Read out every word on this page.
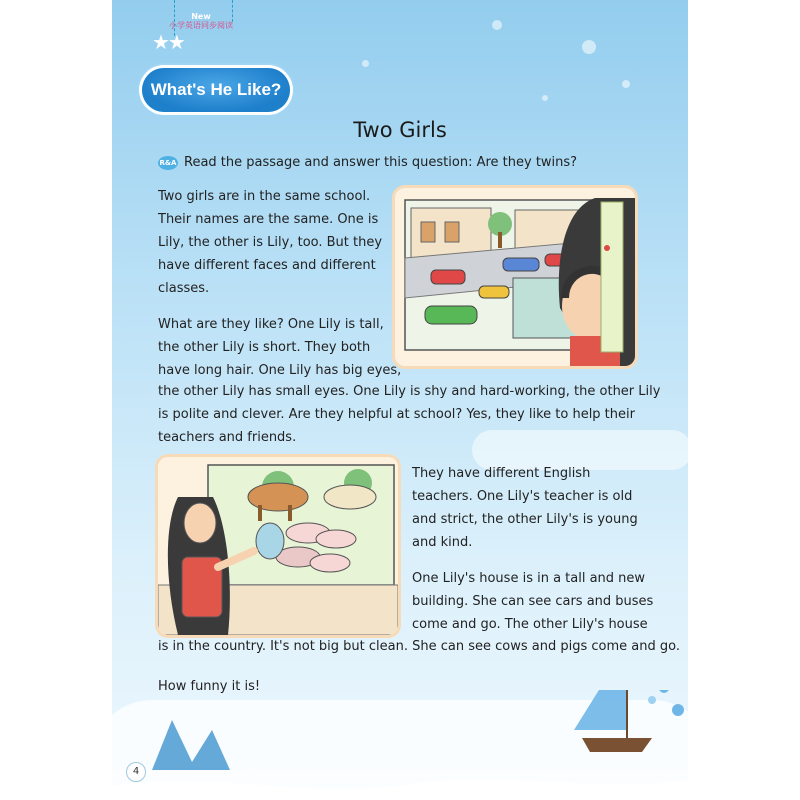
New
小学英语同步阅读
★★
What's He Like?
Two Girls
R&A Read the passage and answer this question: Are they twins?
Two girls are in the same school.
Their names are the same. One is
Lily, the other is Lily, too. But they
have different faces and different
classes.
What are they like? One Lily is tall,
the other Lily is short. They both
have long hair. One Lily has big eyes,
the other Lily has small eyes. One Lily is shy and hard-working, the other Lily
is polite and clever. Are they helpful at school? Yes, they like to help their
teachers and friends.
They have different English
teachers. One Lily's teacher is old
and strict, the other Lily's is young
and kind.
One Lily's house is in a tall and new
building. She can see cars and buses
come and go. The other Lily's house
is in the country. It's not big but clean. She can see cows and pigs come and go.
How funny it is!
4
